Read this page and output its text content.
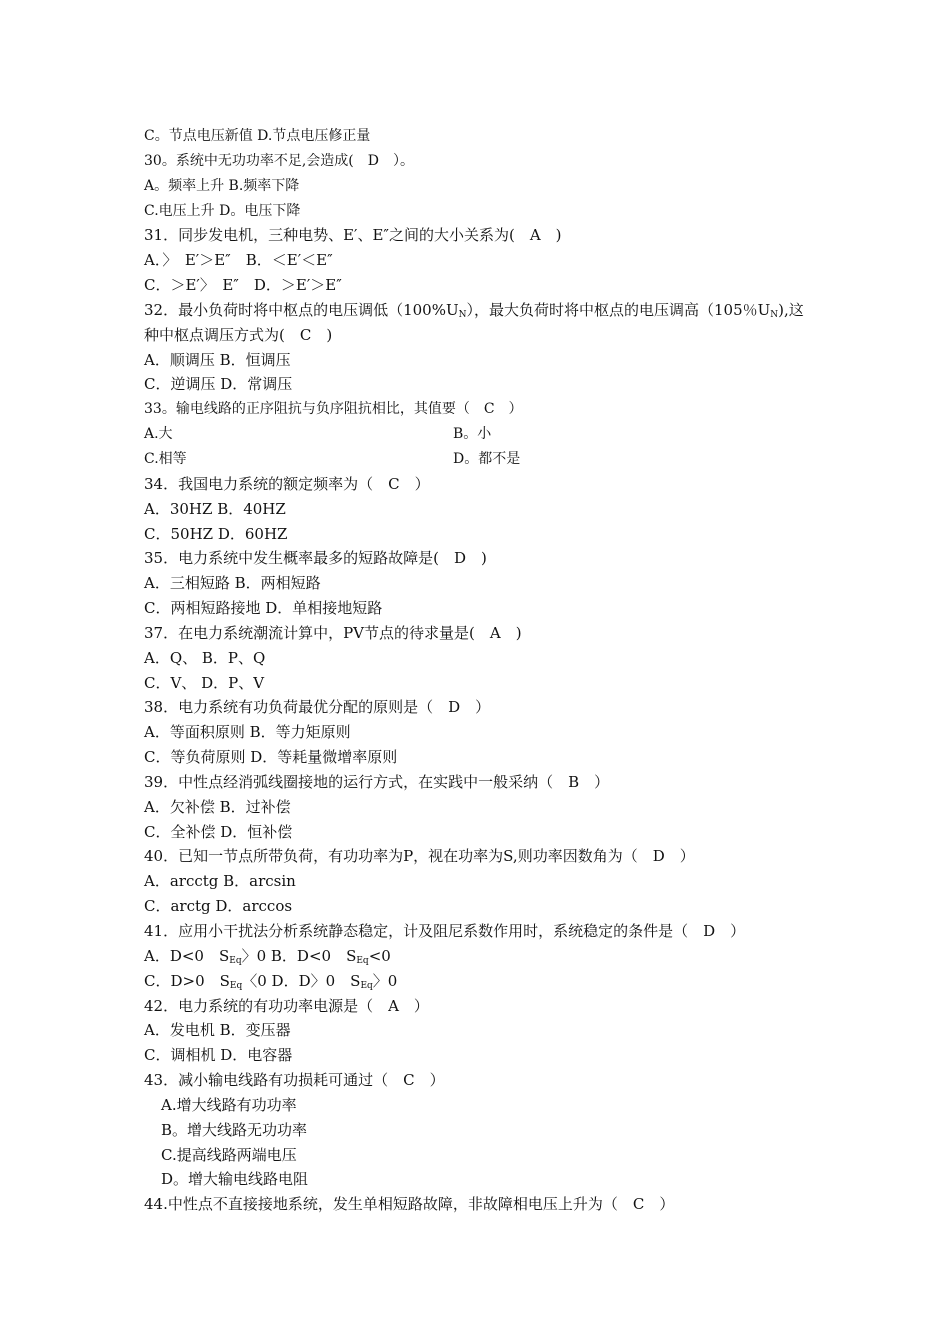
C。节点电压新值 D.节点电压修正量
30。系统中无功功率不足,会造成(　D　）。
A。频率上升 B.频率下降
C.电压上升 D。电压下降
31．同步发电机，三种电势、E′、E″之间的大小关系为(　A　)
A．〉　E′＞E″　B．＜E′＜E″
C．＞E′〉　E″　D．＞E′＞E″
32．最小负荷时将中枢点的电压调低$(100\%U_N)$，最大负荷时将中枢点的电压调高（105％$U_N$),这种中枢点调压方式为(　C　)
A．顺调压 B．恒调压
C．逆调压 D．常调压
33。输电线路的正序阻抗与负序阻抗相比，其值要（　C　）
A.大	B。小
C.相等	D。都不是
34．我国电力系统的额定频率为（　C　）
A．30HZ B．40HZ
C．50HZ D．60HZ
35．电力系统中发生概率最多的短路故障是(　D　)
A．三相短路 B．两相短路
C．两相短路接地 D．单相接地短路
37．在电力系统潮流计算中，PV节点的待求量是(　A　)
A．Q、 B．P、Q
C．V、 D．P、V
38．电力系统有功负荷最优分配的原则是（　D　）
A．等面积原则 B．等力矩原则
C．等负荷原则 D．等耗量微增率原则
39．中性点经消弧线圈接地的运行方式，在实践中一般采纳（　B　）
A．欠补偿 B．过补偿
C．全补偿 D．恒补偿
40．已知一节点所带负荷，有功功率为P，视在功率为S,则功率因数角为（　D　）
A．arcctg B．arcsin
C．arctg D．arccos
41．应用小干扰法分析系统静态稳定，计及阻尼系数作用时，系统稳定的条件是（　D　）
A．D<0　$S_{Eq}$〉0 B．D<0　$S_{Eq}<0$
C．D>0　$S_{Eq}$〈0 D．D〉0　$S_{Eq}$〉0
42．电力系统的有功功率电源是（　A　）
A．发电机 B．变压器
C．调相机 D．电容器
43．减小输电线路有功损耗可通过（　C　）
A.增大线路有功功率
B。增大线路无功功率
C.提高线路两端电压
D。增大输电线路电阻
44.中性点不直接接地系统，发生单相短路故障，非故障相电压上升为（　C　）
